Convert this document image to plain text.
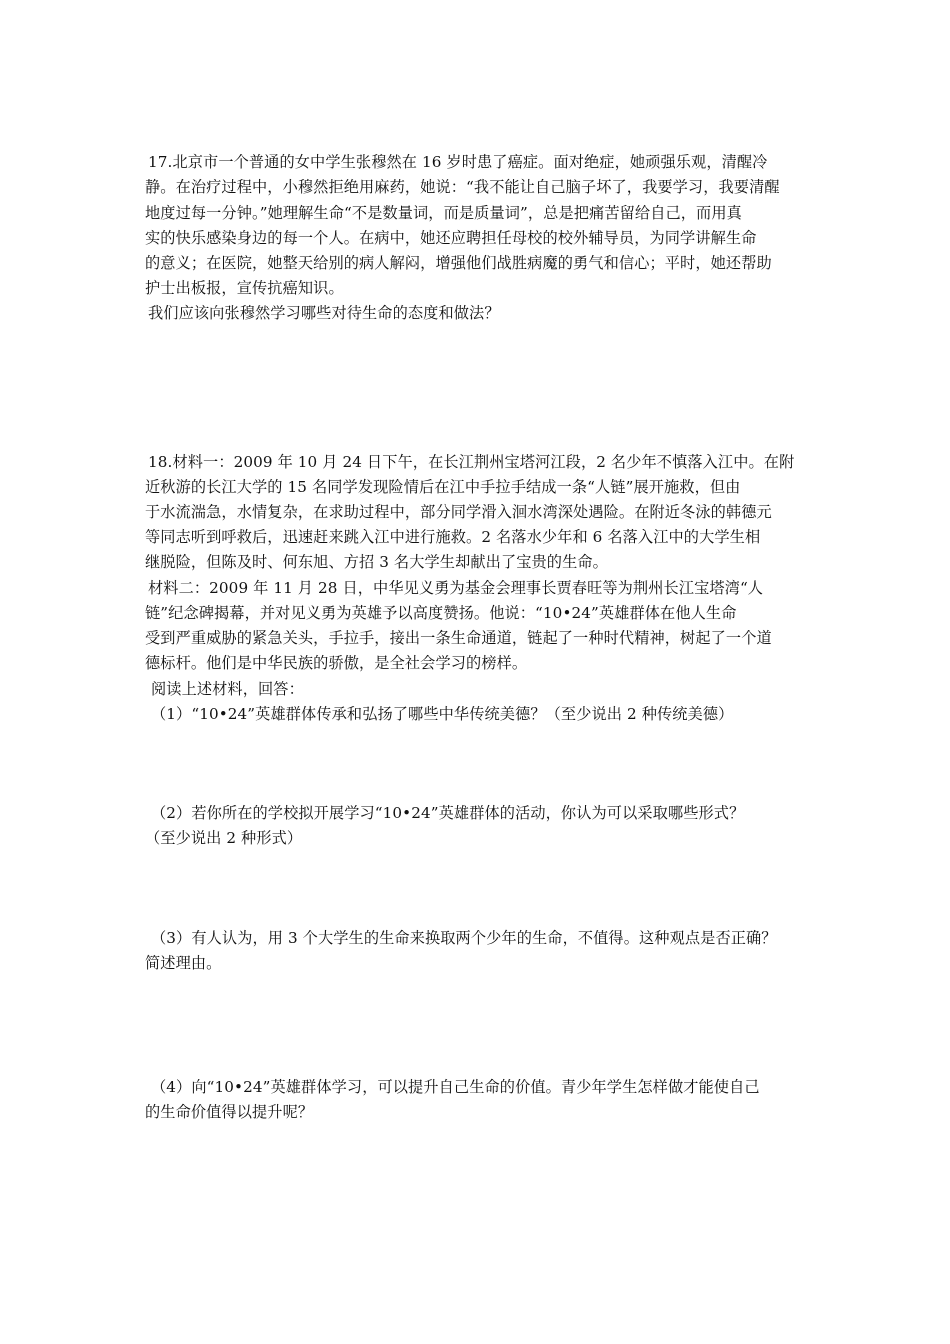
17.北京市一个普通的女中学生张穆然在 16 岁时患了癌症。面对绝症，她顽强乐观，清醒冷
静。在治疗过程中，小穆然拒绝用麻药，她说：“我不能让自己脑子坏了，我要学习，我要清醒
地度过每一分钟。”她理解生命“不是数量词，而是质量词”，总是把痛苦留给自己，而用真
实的快乐感染身边的每一个人。在病中，她还应聘担任母校的校外辅导员，为同学讲解生命
的意义；在医院，她整天给别的病人解闷，增强他们战胜病魔的勇气和信心；平时，她还帮助
护士出板报，宣传抗癌知识。
我们应该向张穆然学习哪些对待生命的态度和做法？
18.材料一：2009 年 10 月 24 日下午，在长江荆州宝塔河江段，2 名少年不慎落入江中。在附
近秋游的长江大学的 15 名同学发现险情后在江中手拉手结成一条“人链”展开施救，但由
于水流湍急，水情复杂，在求助过程中，部分同学滑入洄水湾深处遇险。在附近冬泳的韩德元
等同志听到呼救后，迅速赶来跳入江中进行施救。2 名落水少年和 6 名落入江中的大学生相
继脱险，但陈及时、何东旭、方招 3 名大学生却献出了宝贵的生命。
材料二：2009 年 11 月 28 日，中华见义勇为基金会理事长贾春旺等为荆州长江宝塔湾“人
链”纪念碑揭幕，并对见义勇为英雄予以高度赞扬。他说：“10•24”英雄群体在他人生命
受到严重威胁的紧急关头，手拉手，接出一条生命通道，链起了一种时代精神，树起了一个道
德标杆。他们是中华民族的骄傲，是全社会学习的榜样。
阅读上述材料，回答：
（1）“10•24”英雄群体传承和弘扬了哪些中华传统美德？（至少说出 2 种传统美德）
（2）若你所在的学校拟开展学习“10•24”英雄群体的活动，你认为可以采取哪些形式？
（至少说出 2 种形式）
（3）有人认为，用 3 个大学生的生命来换取两个少年的生命，不值得。这种观点是否正确？
简述理由。
（4）向“10•24”英雄群体学习，可以提升自己生命的价值。青少年学生怎样做才能使自己
的生命价值得以提升呢？
